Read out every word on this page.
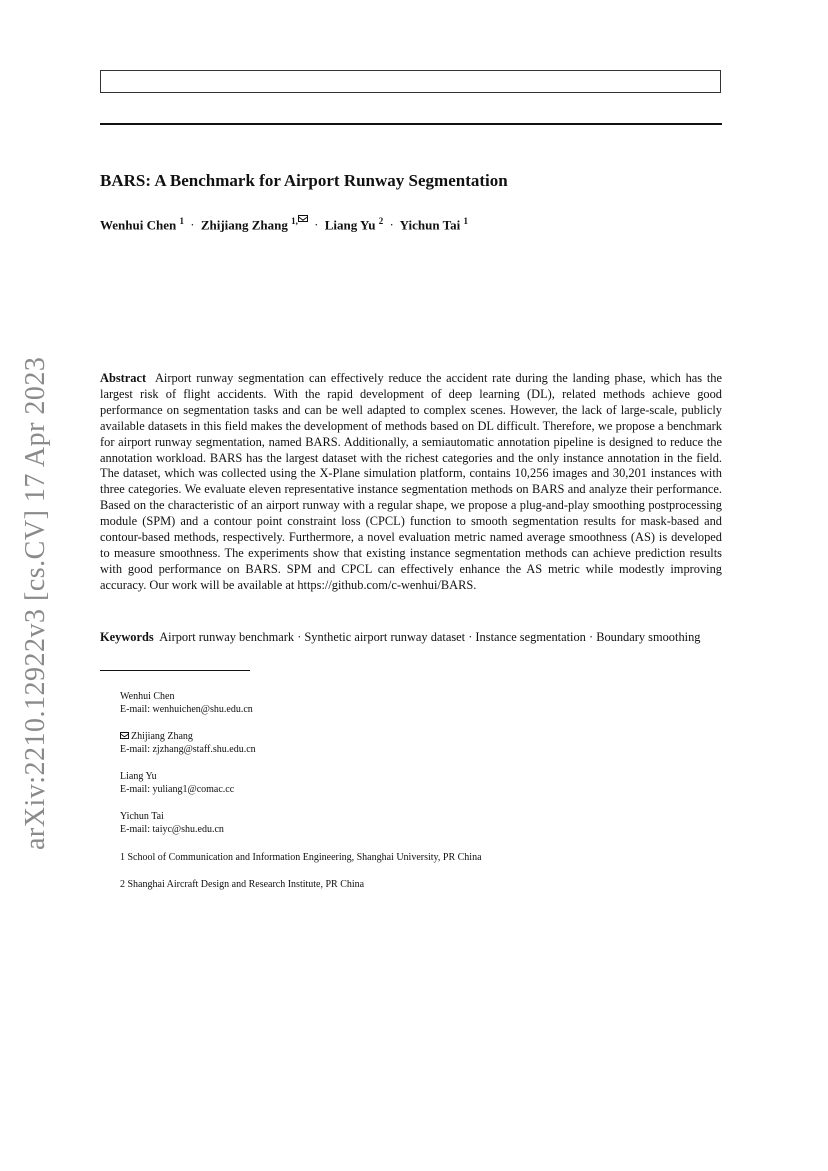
arXiv:2210.12922v3 [cs.CV] 17 Apr 2023
BARS: A Benchmark for Airport Runway Segmentation
Wenhui Chen $^1$ · Zhijiang Zhang $^{1,}$ · Liang Yu $^2$ · Yichun Tai $^1$

Abstract Airport runway segmentation can effectively reduce the accident rate during the landing phase, which has the largest risk of flight accidents. With the rapid development of deep learning (DL), related methods achieve good performance on segmentation tasks and can be well adapted to complex scenes. However, the lack of large-scale, publicly available datasets in this field makes the development of methods based on DL difficult. Therefore, we propose a benchmark for airport runway segmentation, named BARS. Additionally, a semiautomatic annotation pipeline is designed to reduce the annotation workload. BARS has the largest dataset with the richest categories and the only instance annotation in the field. The dataset, which was collected using the X-Plane simulation platform, contains 10,256 images and 30,201 instances with three categories. We evaluate eleven representative instance segmentation methods on BARS and analyze their performance. Based on the characteristic of an airport runway with a regular shape, we propose a plug-and-play smoothing postprocessing module (SPM) and a contour point constraint loss (CPCL) function to smooth segmentation results for mask-based and contour-based methods, respectively. Furthermore, a novel evaluation metric named average smoothness (AS) is developed to measure smoothness. The experiments show that existing instance segmentation methods can achieve prediction results with good performance on BARS. SPM and CPCL can effectively enhance the AS metric while modestly improving accuracy. Our work will be available at https://github.com/c-wenhui/BARS.

Keywords Airport runway benchmark · Synthetic airport runway dataset · Instance segmentation · Boundary smoothing

Wenhui Chen
E-mail: wenhuichen@shu.edu.cn

Zhijiang Zhang
E-mail: zjzhang@staff.shu.edu.cn

Liang Yu
E-mail: yuliang1@comac.cc

Yichun Tai
E-mail: taiyc@shu.edu.cn

1 School of Communication and Information Engineering, Shanghai University, PR China

2 Shanghai Aircraft Design and Research Institute, PR China
